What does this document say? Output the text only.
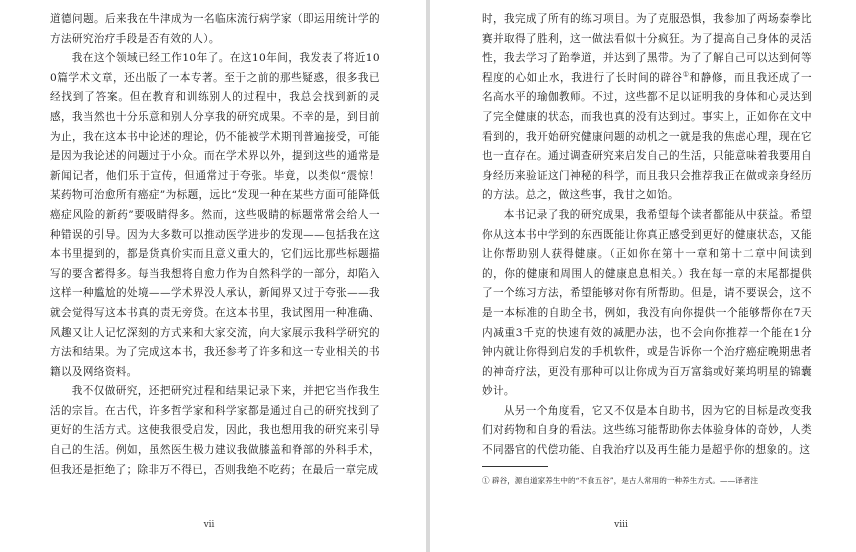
道德问题。后来我在牛津成为一名临床流行病学家（即运用统计学的方法研究治疗手段是否有效的人）。

我在这个领域已经工作10年了。在这10年间，我发表了将近100篇学术文章，还出版了一本专著。至于之前的那些疑惑，很多我已经找到了答案。但在教育和训练别人的过程中，我总会找到新的灵感，我当然也十分乐意和别人分享我的研究成果。不幸的是，到目前为止，我在这本书中论述的理论，仍不能被学术期刊普遍接受，可能是因为我论述的问题过于小众。而在学术界以外，提到这些的通常是新闻记者，他们乐于宣传，但通常过于夸张。毕竟，以类似“震惊！某药物可治愈所有癌症”为标题，远比“发现一种在某些方面可能降低癌症风险的新药”要吸睛得多。然而，这些吸睛的标题常常会给人一种错误的引导。因为大多数可以推动医学进步的发现——包括我在这本书里提到的，都是货真价实而且意义重大的，它们远比那些标题描写的要含蓄得多。每当我想将自愈力作为自然科学的一部分，却陷入这样一种尴尬的处境——学术界没人承认，新闻界又过于夸张——我就会觉得写这本书真的责无旁贷。在这本书里，我试图用一种准确、风趣又让人记忆深刻的方式来和大家交流，向大家展示我科学研究的方法和结果。为了完成这本书，我还参考了许多和这一专业相关的书籍以及网络资料。

我不仅做研究，还把研究过程和结果记录下来，并把它当作我生活的宗旨。在古代，许多哲学家和科学家都是通过自己的研究找到了更好的生活方式。这使我很受启发，因此，我也想用我的研究来引导自己的生活。例如，虽然医生极力建议我做膝盖和脊部的外科手术，但我还是拒绝了；除非万不得已，否则我绝不吃药；在最后一章完成

vii

时，我完成了所有的练习项目。为了克服恐惧，我参加了两场泰拳比赛并取得了胜利，这一做法看似十分疯狂。为了提高自己身体的灵活性，我去学习了跆拳道，并达到了黑带。为了了解自己可以达到何等程度的心如止水，我进行了长时间的辟谷①和静修，而且我还成了一名高水平的瑜伽教师。不过，这些都不足以证明我的身体和心灵达到了完全健康的状态，而我也真的没有达到过。事实上，正如你在文中看到的，我开始研究健康问题的动机之一就是我的焦虑心理，现在它也一直存在。通过调查研究来启发自己的生活，只能意味着我要用自身经历来验证这门神秘的科学，而且我只会推荐我正在做或亲身经历的方法。总之，做这些事，我甘之如饴。

本书记录了我的研究成果，我希望每个读者都能从中获益。希望你从这本书中学到的东西既能让你真正感受到更好的健康状态，又能让你帮助别人获得健康。（正如你在第十一章和第十二章中间读到的，你的健康和周围人的健康息息相关。）我在每一章的末尾都提供了一个练习方法，希望能够对你有所帮助。但是，请不要误会，这不是一本标准的自助全书，例如，我没有向你提供一个能够帮你在7天内减重3千克的快速有效的减肥办法，也不会向你推荐一个能在1分钟内就让你得到启发的手机软件，或是告诉你一个治疗癌症晚期患者的神奇疗法，更没有那种可以让你成为百万富翁或好莱坞明星的锦囊妙计。

从另一个角度看，它又不仅是本自助书，因为它的目标是改变我们对药物和自身的看法。这些练习能帮助你去体验身体的奇妙，人类不同器官的代偿功能、自我治疗以及再生能力是超乎你的想象的。这

① 辟谷，源自道家养生中的“不食五谷”，是古人常用的一种养生方式。——译者注
viii
